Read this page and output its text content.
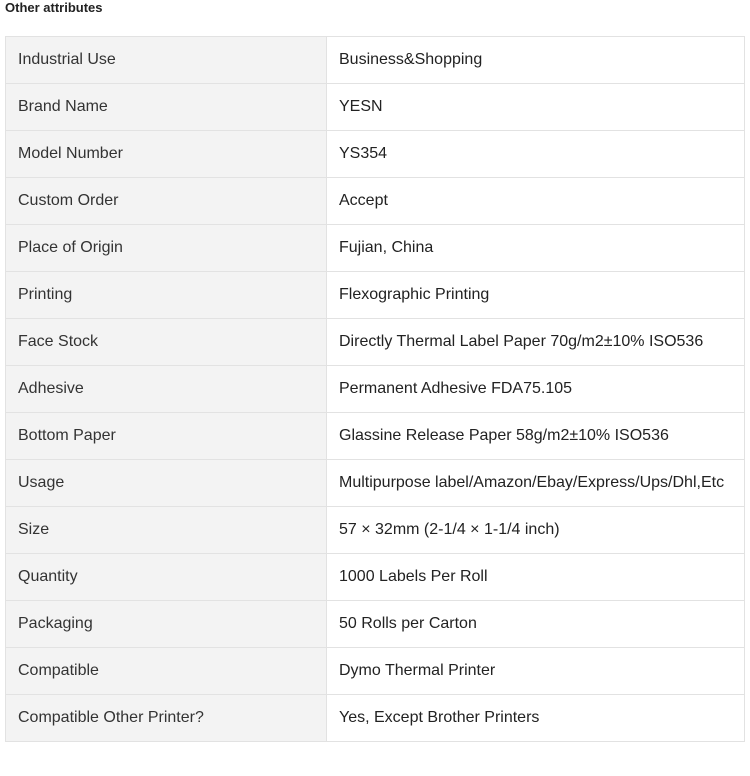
Other attributes
Industrial Use	Business&Shopping
Brand Name	YESN
Model Number	YS354
Custom Order	Accept
Place of Origin	Fujian, China
Printing	Flexographic Printing
Face Stock	Directly Thermal Label Paper 70g/m2±10% ISO536
Adhesive	Permanent Adhesive FDA75.105
Bottom Paper	Glassine Release Paper 58g/m2±10% ISO536
Usage	Multipurpose label/Amazon/Ebay/Express/Ups/Dhl,Etc
Size	57 × 32mm (2-1/4 × 1-1/4 inch)
Quantity	1000 Labels Per Roll
Packaging	50 Rolls per Carton
Compatible	Dymo Thermal Printer
Compatible Other Printer?	Yes, Except Brother Printers
